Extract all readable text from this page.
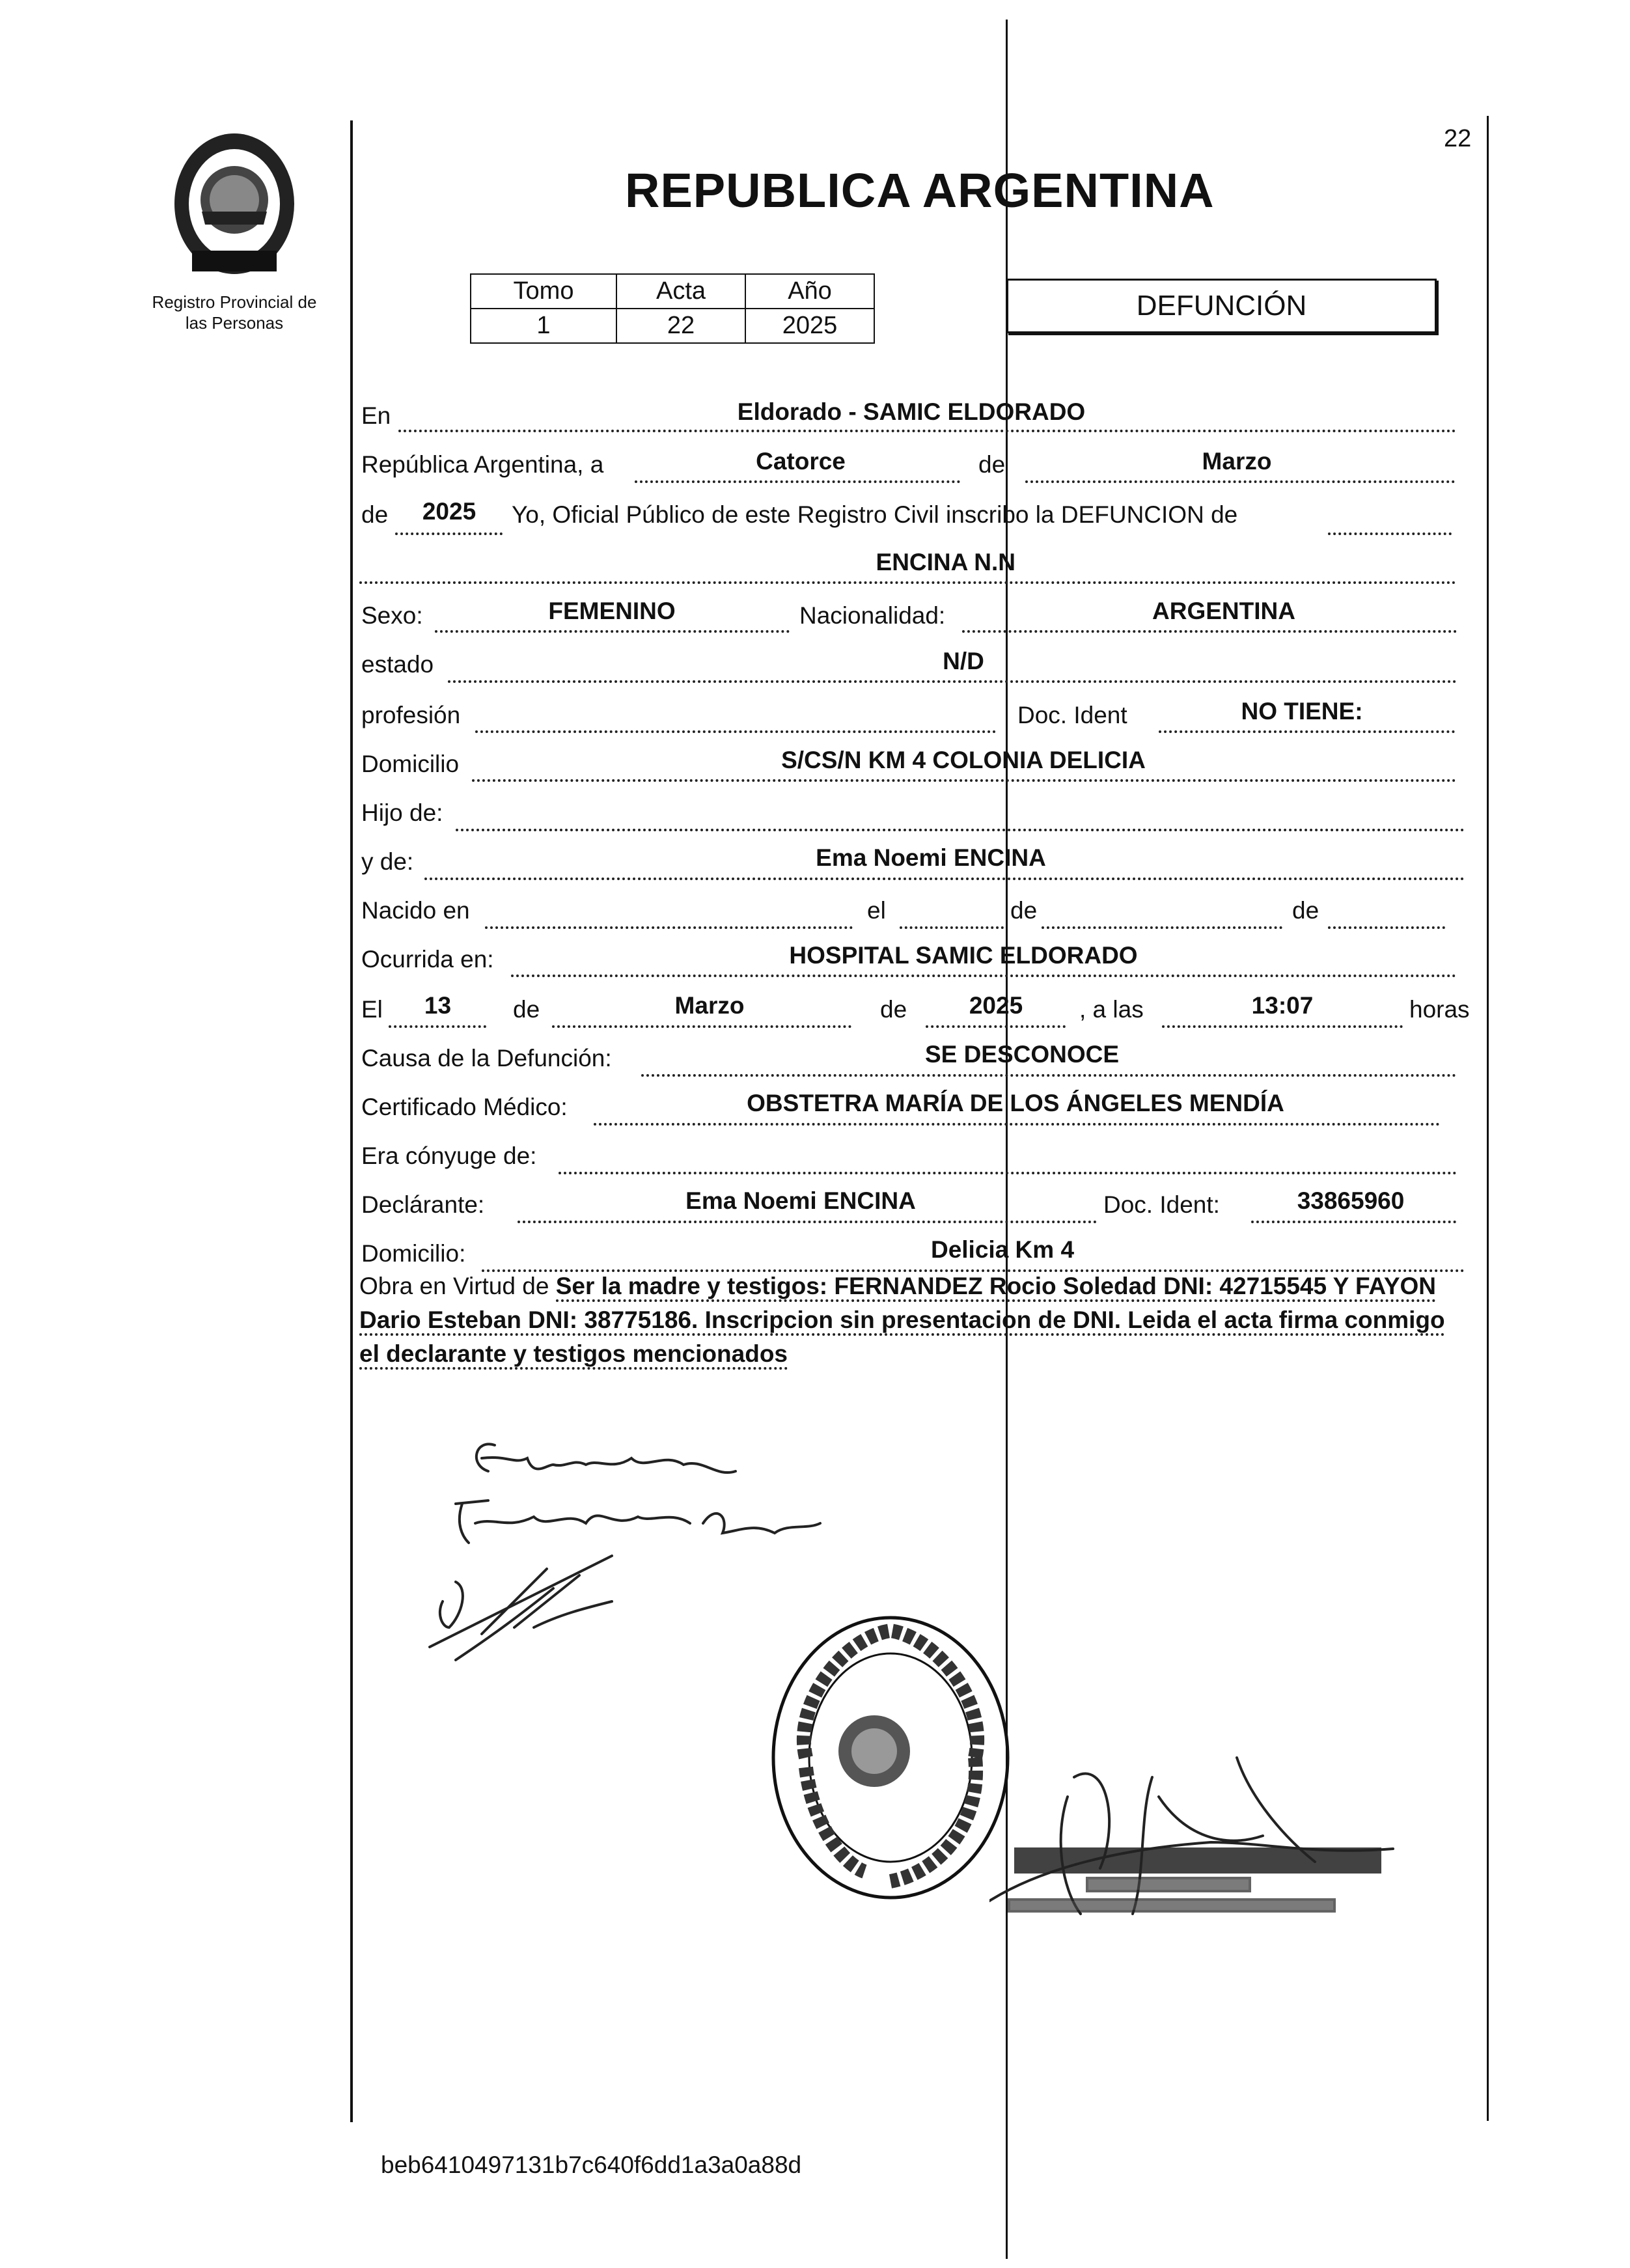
Registro Provincial de
las Personas
22
REPUBLICA ARGENTINA
Tomo	Acta	Año
1	22	2025
DEFUNCIÓN
En	Eldorado - SAMIC ELDORADO
República Argentina, a	Catorce	de	Marzo
de	2025	Yo, Oficial Público de este Registro Civil inscribo la DEFUNCION de
ENCINA N.N
Sexo:	FEMENINO	Nacionalidad:	ARGENTINA
estado	N/D
profesión	Doc. Ident	NO TIENE:
Domicilio	S/CS/N KM 4 COLONIA DELICIA
Hijo de:
y de:	Ema Noemi ENCINA
Nacido en	el	de	de
Ocurrida en:	HOSPITAL SAMIC ELDORADO
El	13	de	Marzo	de	2025	, a las	13:07	horas
Causa de la Defunción:	SE DESCONOCE
Certificado Médico:	OBSTETRA MARÍA DE LOS ÁNGELES MENDÍA
Era cónyuge de:
Declárante:	Ema Noemi ENCINA	Doc. Ident:	33865960
Domicilio:	Delicia Km 4
Obra en Virtud de Ser la madre y testigos: FERNANDEZ Rocio Soledad DNI: 42715545 Y FAYON Dario Esteban DNI: 38775186. Inscripcion sin presentacion de DNI. Leida el acta firma conmigo el declarante y testigos mencionados
beb6410497131b7c640f6dd1a3a0a88d
